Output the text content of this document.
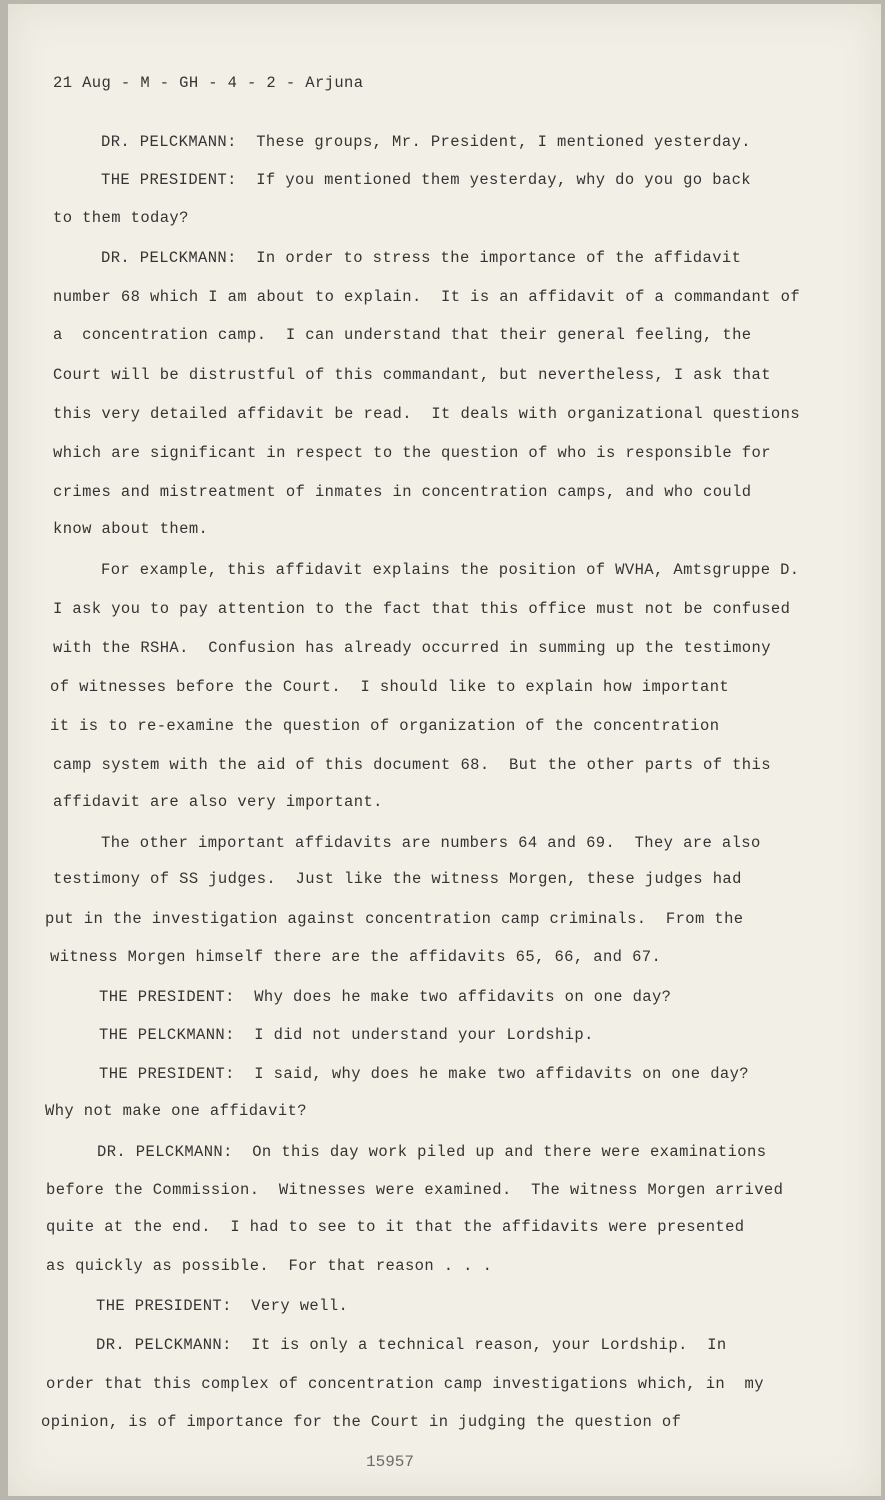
21 Aug - M - GH - 4 - 2 - Arjuna

DR. PELCKMANN:  These groups, Mr. President, I mentioned yesterday.

THE PRESIDENT:  If you mentioned them yesterday, why do you go back

to them today?

DR. PELCKMANN:  In order to stress the importance of the affidavit

number 68 which I am about to explain.  It is an affidavit of a commandant of

a  concentration camp.  I can understand that their general feeling, the

Court will be distrustful of this commandant, but nevertheless, I ask that

this very detailed affidavit be read.  It deals with organizational questions

which are significant in respect to the question of who is responsible for

crimes and mistreatment of inmates in concentration camps, and who could

know about them.

For example, this affidavit explains the position of WVHA, Amtsgruppe D.

I ask you to pay attention to the fact that this office must not be confused

with the RSHA.  Confusion has already occurred in summing up the testimony

of witnesses before the Court.  I should like to explain how important

it is to re-examine the question of organization of the concentration

camp system with the aid of this document 68.  But the other parts of this

affidavit are also very important.

The other important affidavits are numbers 64 and 69.  They are also

testimony of SS judges.  Just like the witness Morgen, these judges had

put in the investigation against concentration camp criminals.  From the

witness Morgen himself there are the affidavits 65, 66, and 67.

THE PRESIDENT:  Why does he make two affidavits on one day?

THE PELCKMANN:  I did not understand your Lordship.

THE PRESIDENT:  I said, why does he make two affidavits on one day?

Why not make one affidavit?

DR. PELCKMANN:  On this day work piled up and there were examinations

before the Commission.  Witnesses were examined.  The witness Morgen arrived

quite at the end.  I had to see to it that the affidavits were presented

as quickly as possible.  For that reason . . .

THE PRESIDENT:  Very well.

DR. PELCKMANN:  It is only a technical reason, your Lordship.  In

order that this complex of concentration camp investigations which, in  my

opinion, is of importance for the Court in judging the question of

15957
